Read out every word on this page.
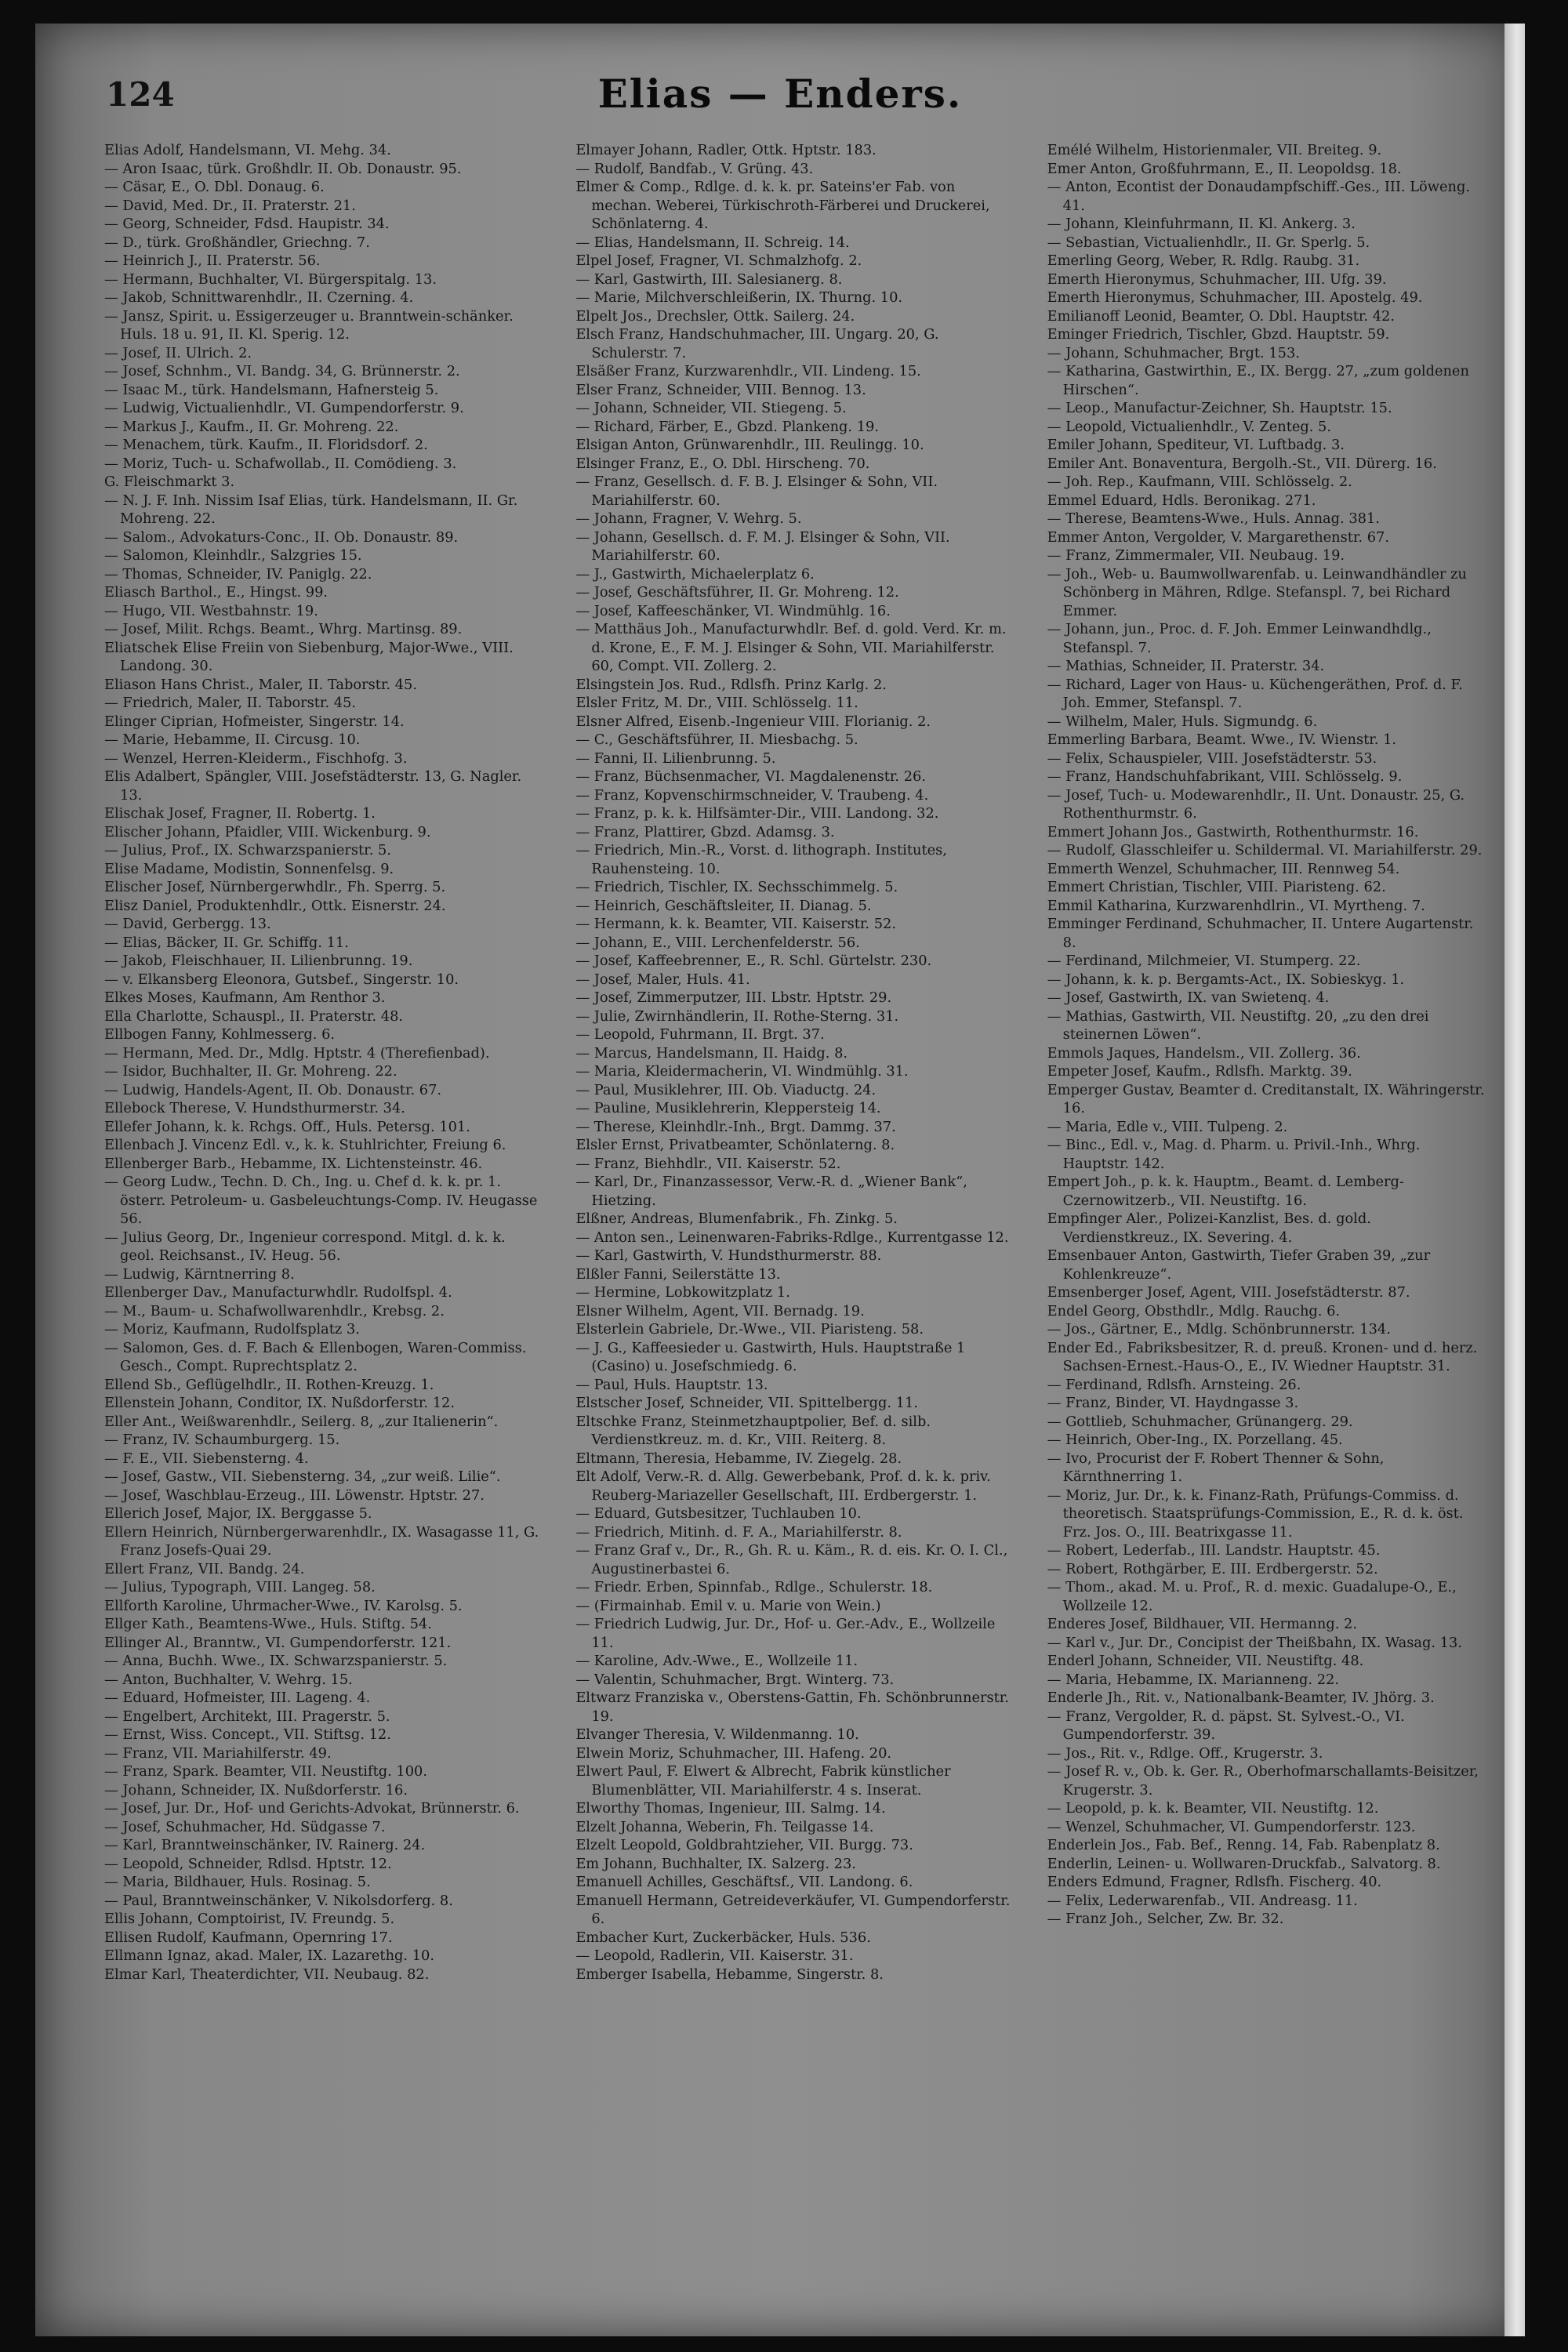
124	Elias — Enders.
Elias Adolf, Handelsmann, VI. Mehg. 34.
— Aron Isaac, türk. Großhdlr. II. Ob. Donaustr. 95.
— Cäsar, E., O. Dbl. Donaug. 6.
— David, Med. Dr., II. Praterstr. 21.
— Georg, Schneider, Fdsd. Haupistr. 34.
— D., türk. Großhändler, Griechng. 7.
— Heinrich J., II. Praterstr. 56.
— Hermann, Buchhalter, VI. Bürgerspitalg. 13.
— Jakob, Schnittwarenhdlr., II. Czerning. 4.
— Jansz, Spirit. u. Essigerzeuger u. Branntwein-schänker. Huls. 18 u. 91, II. Kl. Sperig. 12.
— Josef, II. Ulrich. 2.
— Josef, Schnhm., VI. Bandg. 34, G. Brünnerstr. 2.
— Isaac M., türk. Handelsmann, Hafnersteig 5.
— Ludwig, Victualienhdlr., VI. Gumpendorferstr. 9.
— Markus J., Kaufm., II. Gr. Mohreng. 22.
— Menachem, türk. Kaufm., II. Floridsdorf. 2.
— Moriz, Tuch- u. Schafwollab., II. Comödieng. 3.
G. Fleischmarkt 3.
— N. J. F. Inh. Nissim Isaf Elias, türk. Handelsmann, II. Gr. Mohreng. 22.
— Salom., Advokaturs-Conc., II. Ob. Donaustr. 89.
— Salomon, Kleinhdlr., Salzgries 15.
— Thomas, Schneider, IV. Paniglg. 22.
Eliasch Barthol., E., Hingst. 99.
— Hugo, VII. Westbahnstr. 19.
— Josef, Milit. Rchgs. Beamt., Whrg. Martinsg. 89.
Eliatschek Elise Freiin von Siebenburg, Major-Wwe., VIII. Landong. 30.
Eliason Hans Christ., Maler, II. Taborstr. 45.
— Friedrich, Maler, II. Taborstr. 45.
Elinger Ciprian, Hofmeister, Singerstr. 14.
— Marie, Hebamme, II. Circusg. 10.
— Wenzel, Herren-Kleiderm., Fischhofg. 3.
Elis Adalbert, Spängler, VIII. Josefstädterstr. 13, G. Nagler. 13.
Elischak Josef, Fragner, II. Robertg. 1.
Elischer Johann, Pfaidler, VIII. Wickenburg. 9.
— Julius, Prof., IX. Schwarzspanierstr. 5.
Elise Madame, Modistin, Sonnenfelsg. 9.
Elischer Josef, Nürnbergerwhdlr., Fh. Sperrg. 5.
Elisz Daniel, Produktenhdlr., Ottk. Eisnerstr. 24.
— David, Gerbergg. 13.
— Elias, Bäcker, II. Gr. Schiffg. 11.
— Jakob, Fleischhauer, II. Lilienbrunng. 19.
— v. Elkansberg Eleonora, Gutsbef., Singerstr. 10.
Elkes Moses, Kaufmann, Am Renthor 3.
Ella Charlotte, Schauspl., II. Praterstr. 48.
Ellbogen Fanny, Kohlmesserg. 6.
— Hermann, Med. Dr., Mdlg. Hptstr. 4 (Therefienbad).
— Isidor, Buchhalter, II. Gr. Mohreng. 22.
— Ludwig, Handels-Agent, II. Ob. Donaustr. 67.
Ellebock Therese, V. Hundsthurmerstr. 34.
Ellefer Johann, k. k. Rchgs. Off., Huls. Petersg. 101.
Ellenbach J. Vincenz Edl. v., k. k. Stuhlrichter, Freiung 6.
Ellenberger Barb., Hebamme, IX. Lichtensteinstr. 46.
— Georg Ludw., Techn. D. Ch., Ing. u. Chef d. k. k. pr. 1. österr. Petroleum- u. Gasbeleuchtungs-Comp. IV. Heugasse 56.
— Julius Georg, Dr., Ingenieur correspond. Mitgl. d. k. k. geol. Reichsanst., IV. Heug. 56.
— Ludwig, Kärntnerring 8.
Ellenberger Dav., Manufacturwhdlr. Rudolfspl. 4.
— M., Baum- u. Schafwollwarenhdlr., Krebsg. 2.
— Moriz, Kaufmann, Rudolfsplatz 3.
— Salomon, Ges. d. F. Bach & Ellenbogen, Waren-Commiss. Gesch., Compt. Ruprechtsplatz 2.
Ellend Sb., Geflügelhdlr., II. Rothen-Kreuzg. 1.
Ellenstein Johann, Conditor, IX. Nußdorferstr. 12.
Eller Ant., Weißwarenhdlr., Seilerg. 8, „zur Italienerin“.
— Franz, IV. Schaumburgerg. 15.
— F. E., VII. Siebensterng. 4.
— Josef, Gastw., VII. Siebensterng. 34, „zur weiß. Lilie“.
— Josef, Waschblau-Erzeug., III. Löwenstr. Hptstr. 27.
Ellerich Josef, Major, IX. Berggasse 5.
Ellern Heinrich, Nürnbergerwarenhdlr., IX. Wasagasse 11, G. Franz Josefs-Quai 29.
Ellert Franz, VII. Bandg. 24.
— Julius, Typograph, VIII. Langeg. 58.
Ellforth Karoline, Uhrmacher-Wwe., IV. Karolsg. 5.
Ellger Kath., Beamtens-Wwe., Huls. Stiftg. 54.
Ellinger Al., Branntw., VI. Gumpendorferstr. 121.
— Anna, Buchh. Wwe., IX. Schwarzspanierstr. 5.
— Anton, Buchhalter, V. Wehrg. 15.
— Eduard, Hofmeister, III. Lageng. 4.
— Engelbert, Architekt, III. Pragerstr. 5.
— Ernst, Wiss. Concept., VII. Stiftsg. 12.
— Franz, VII. Mariahilferstr. 49.
— Franz, Spark. Beamter, VII. Neustiftg. 100.
— Johann, Schneider, IX. Nußdorferstr. 16.
— Josef, Jur. Dr., Hof- und Gerichts-Advokat, Brünnerstr. 6.
— Josef, Schuhmacher, Hd. Südgasse 7.
— Karl, Branntweinschänker, IV. Rainerg. 24.
— Leopold, Schneider, Rdlsd. Hptstr. 12.
— Maria, Bildhauer, Huls. Rosinag. 5.
— Paul, Branntweinschänker, V. Nikolsdorferg. 8.
Ellis Johann, Comptoirist, IV. Freundg. 5.
Ellisen Rudolf, Kaufmann, Opernring 17.
Ellmann Ignaz, akad. Maler, IX. Lazarethg. 10.
Elmar Karl, Theaterdichter, VII. Neubaug. 82.
Elmayer Johann, Radler, Ottk. Hptstr. 183.
— Rudolf, Bandfab., V. Grüng. 43.
Elmer & Comp., Rdlge. d. k. k. pr. Sateins'er Fab. von mechan. Weberei, Türkischroth-Färberei und Druckerei, Schönlaterng. 4.
— Elias, Handelsmann, II. Schreig. 14.
Elpel Josef, Fragner, VI. Schmalzhofg. 2.
— Karl, Gastwirth, III. Salesianerg. 8.
— Marie, Milchverschleißerin, IX. Thurng. 10.
Elpelt Jos., Drechsler, Ottk. Sailerg. 24.
Elsch Franz, Handschuhmacher, III. Ungarg. 20, G. Schulerstr. 7.
Elsäßer Franz, Kurzwarenhdlr., VII. Lindeng. 15.
Elser Franz, Schneider, VIII. Bennog. 13.
— Johann, Schneider, VII. Stiegeng. 5.
— Richard, Färber, E., Gbzd. Plankeng. 19.
Elsigan Anton, Grünwarenhdlr., III. Reulingg. 10.
Elsinger Franz, E., O. Dbl. Hirscheng. 70.
— Franz, Gesellsch. d. F. B. J. Elsinger & Sohn, VII. Mariahilferstr. 60.
— Johann, Fragner, V. Wehrg. 5.
— Johann, Gesellsch. d. F. M. J. Elsinger & Sohn, VII. Mariahilferstr. 60.
— J., Gastwirth, Michaelerplatz 6.
— Josef, Geschäftsführer, II. Gr. Mohreng. 12.
— Josef, Kaffeeschänker, VI. Windmühlg. 16.
— Matthäus Joh., Manufacturwhdlr. Bef. d. gold. Verd. Kr. m. d. Krone, E., F. M. J. Elsinger & Sohn, VII. Mariahilferstr. 60, Compt. VII. Zollerg. 2.
Elsingstein Jos. Rud., Rdlsfh. Prinz Karlg. 2.
Elsler Fritz, M. Dr., VIII. Schlösselg. 11.
Elsner Alfred, Eisenb.-Ingenieur VIII. Florianig. 2.
— C., Geschäftsführer, II. Miesbachg. 5.
— Fanni, II. Lilienbrunng. 5.
— Franz, Büchsenmacher, VI. Magdalenenstr. 26.
— Franz, Kopvenschirmschneider, V. Traubeng. 4.
— Franz, p. k. k. Hilfsämter-Dir., VIII. Landong. 32.
— Franz, Plattirer, Gbzd. Adamsg. 3.
— Friedrich, Min.-R., Vorst. d. lithograph. Institutes, Rauhensteing. 10.
— Friedrich, Tischler, IX. Sechsschimmelg. 5.
— Heinrich, Geschäftsleiter, II. Dianag. 5.
— Hermann, k. k. Beamter, VII. Kaiserstr. 52.
— Johann, E., VIII. Lerchenfelderstr. 56.
— Josef, Kaffeebrenner, E., R. Schl. Gürtelstr. 230.
— Josef, Maler, Huls. 41.
— Josef, Zimmerputzer, III. Lbstr. Hptstr. 29.
— Julie, Zwirnhändlerin, II. Rothe-Sterng. 31.
— Leopold, Fuhrmann, II. Brgt. 37.
— Marcus, Handelsmann, II. Haidg. 8.
— Maria, Kleidermacherin, VI. Windmühlg. 31.
— Paul, Musiklehrer, III. Ob. Viaductg. 24.
— Pauline, Musiklehrerin, Kleppersteig 14.
— Therese, Kleinhdlr.-Inh., Brgt. Dammg. 37.
Elsler Ernst, Privatbeamter, Schönlaterng. 8.
— Franz, Biehhdlr., VII. Kaiserstr. 52.
— Karl, Dr., Finanzassessor, Verw.-R. d. „Wiener Bank“, Hietzing.
Elßner, Andreas, Blumenfabrik., Fh. Zinkg. 5.
— Anton sen., Leinenwaren-Fabriks-Rdlge., Kurrentgasse 12.
— Karl, Gastwirth, V. Hundsthurmerstr. 88.
Elßler Fanni, Seilerstätte 13.
— Hermine, Lobkowitzplatz 1.
Elsner Wilhelm, Agent, VII. Bernadg. 19.
Elsterlein Gabriele, Dr.-Wwe., VII. Piaristeng. 58.
— J. G., Kaffeesieder u. Gastwirth, Huls. Hauptstraße 1 (Casino) u. Josefschmiedg. 6.
— Paul, Huls. Hauptstr. 13.
Elstscher Josef, Schneider, VII. Spittelbergg. 11.
Eltschke Franz, Steinmetzhauptpolier, Bef. d. silb. Verdienstkreuz. m. d. Kr., VIII. Reiterg. 8.
Eltmann, Theresia, Hebamme, IV. Ziegelg. 28.
Elt Adolf, Verw.-R. d. Allg. Gewerbebank, Prof. d. k. k. priv. Reuberg-Mariazeller Gesellschaft, III. Erdbergerstr. 1.
— Eduard, Gutsbesitzer, Tuchlauben 10.
— Friedrich, Mitinh. d. F. A., Mariahilferstr. 8.
— Franz Graf v., Dr., R., Gh. R. u. Käm., R. d. eis. Kr. O. I. Cl., Augustinerbastei 6.
— Friedr. Erben, Spinnfab., Rdlge., Schulerstr. 18.
— (Firmainhab. Emil v. u. Marie von Wein.)
— Friedrich Ludwig, Jur. Dr., Hof- u. Ger.-Adv., E., Wollzeile 11.
— Karoline, Adv.-Wwe., E., Wollzeile 11.
— Valentin, Schuhmacher, Brgt. Winterg. 73.
Eltwarz Franziska v., Oberstens-Gattin, Fh. Schönbrunnerstr. 19.
Elvanger Theresia, V. Wildenmanng. 10.
Elwein Moriz, Schuhmacher, III. Hafeng. 20.
Elwert Paul, F. Elwert & Albrecht, Fabrik künstlicher Blumenblätter, VII. Mariahilferstr. 4 s. Inserat.
Elworthy Thomas, Ingenieur, III. Salmg. 14.
Elzelt Johanna, Weberin, Fh. Teilgasse 14.
Elzelt Leopold, Goldbrahtzieher, VII. Burgg. 73.
Em Johann, Buchhalter, IX. Salzerg. 23.
Emanuell Achilles, Geschäftsf., VII. Landong. 6.
Emanuell Hermann, Getreideverkäufer, VI. Gumpendorferstr. 6.
Embacher Kurt, Zuckerbäcker, Huls. 536.
— Leopold, Radlerin, VII. Kaiserstr. 31.
Emberger Isabella, Hebamme, Singerstr. 8.
Emélé Wilhelm, Historienmaler, VII. Breiteg. 9.
Emer Anton, Großfuhrmann, E., II. Leopoldsg. 18.
— Anton, Econtist der Donaudampfschiff.-Ges., III. Löweng. 41.
— Johann, Kleinfuhrmann, II. Kl. Ankerg. 3.
— Sebastian, Victualienhdlr., II. Gr. Sperlg. 5.
Emerling Georg, Weber, R. Rdlg. Raubg. 31.
Emerth Hieronymus, Schuhmacher, III. Ufg. 39.
Emerth Hieronymus, Schuhmacher, III. Apostelg. 49.
Emilianoff Leonid, Beamter, O. Dbl. Hauptstr. 42.
Eminger Friedrich, Tischler, Gbzd. Hauptstr. 59.
— Johann, Schuhmacher, Brgt. 153.
— Katharina, Gastwirthin, E., IX. Bergg. 27, „zum goldenen Hirschen“.
— Leop., Manufactur-Zeichner, Sh. Hauptstr. 15.
— Leopold, Victualienhdlr., V. Zenteg. 5.
Emiler Johann, Spediteur, VI. Luftbadg. 3.
Emiler Ant. Bonaventura, Bergolh.-St., VII. Dürerg. 16.
— Joh. Rep., Kaufmann, VIII. Schlösselg. 2.
Emmel Eduard, Hdls. Beronikag. 271.
— Therese, Beamtens-Wwe., Huls. Annag. 381.
Emmer Anton, Vergolder, V. Margarethenstr. 67.
— Franz, Zimmermaler, VII. Neubaug. 19.
— Joh., Web- u. Baumwollwarenfab. u. Leinwandhändler zu Schönberg in Mähren, Rdlge. Stefanspl. 7, bei Richard Emmer.
— Johann, jun., Proc. d. F. Joh. Emmer Leinwandhdlg., Stefanspl. 7.
— Mathias, Schneider, II. Praterstr. 34.
— Richard, Lager von Haus- u. Küchengeräthen, Prof. d. F. Joh. Emmer, Stefanspl. 7.
— Wilhelm, Maler, Huls. Sigmundg. 6.
Emmerling Barbara, Beamt. Wwe., IV. Wienstr. 1.
— Felix, Schauspieler, VIII. Josefstädterstr. 53.
— Franz, Handschuhfabrikant, VIII. Schlösselg. 9.
— Josef, Tuch- u. Modewarenhdlr., II. Unt. Donaustr. 25, G. Rothenthurmstr. 6.
Emmert Johann Jos., Gastwirth, Rothenthurmstr. 16.
— Rudolf, Glasschleifer u. Schildermal. VI. Mariahilferstr. 29.
Emmerth Wenzel, Schuhmacher, III. Rennweg 54.
Emmert Christian, Tischler, VIII. Piaristeng. 62.
Emmil Katharina, Kurzwarenhdlrin., VI. Myrtheng. 7.
Emminger Ferdinand, Schuhmacher, II. Untere Augartenstr. 8.
— Ferdinand, Milchmeier, VI. Stumperg. 22.
— Johann, k. k. p. Bergamts-Act., IX. Sobieskyg. 1.
— Josef, Gastwirth, IX. van Swietenq. 4.
— Mathias, Gastwirth, VII. Neustiftg. 20, „zu den drei steinernen Löwen“.
Emmols Jaques, Handelsm., VII. Zollerg. 36.
Empeter Josef, Kaufm., Rdlsfh. Marktg. 39.
Emperger Gustav, Beamter d. Creditanstalt, IX. Währingerstr. 16.
— Maria, Edle v., VIII. Tulpeng. 2.
— Binc., Edl. v., Mag. d. Pharm. u. Privil.-Inh., Whrg. Hauptstr. 142.
Empert Joh., p. k. k. Hauptm., Beamt. d. Lemberg-Czernowitzerb., VII. Neustiftg. 16.
Empfinger Aler., Polizei-Kanzlist, Bes. d. gold. Verdienstkreuz., IX. Severing. 4.
Emsenbauer Anton, Gastwirth, Tiefer Graben 39, „zur Kohlenkreuze“.
Emsenberger Josef, Agent, VIII. Josefstädterstr. 87.
Endel Georg, Obsthdlr., Mdlg. Rauchg. 6.
— Jos., Gärtner, E., Mdlg. Schönbrunnerstr. 134.
Ender Ed., Fabriksbesitzer, R. d. preuß. Kronen- und d. herz. Sachsen-Ernest.-Haus-O., E., IV. Wiedner Hauptstr. 31.
— Ferdinand, Rdlsfh. Arnsteing. 26.
— Franz, Binder, VI. Haydngasse 3.
— Gottlieb, Schuhmacher, Grünangerg. 29.
— Heinrich, Ober-Ing., IX. Porzellang. 45.
— Ivo, Procurist der F. Robert Thenner & Sohn, Kärnthnerring 1.
— Moriz, Jur. Dr., k. k. Finanz-Rath, Prüfungs-Commiss. d. theoretisch. Staatsprüfungs-Commission, E., R. d. k. öst. Frz. Jos. O., III. Beatrixgasse 11.
— Robert, Lederfab., III. Landstr. Hauptstr. 45.
— Robert, Rothgärber, E. III. Erdbergerstr. 52.
— Thom., akad. M. u. Prof., R. d. mexic. Guadalupe-O., E., Wollzeile 12.
Enderes Josef, Bildhauer, VII. Hermanng. 2.
— Karl v., Jur. Dr., Concipist der Theißbahn, IX. Wasag. 13.
Enderl Johann, Schneider, VII. Neustiftg. 48.
— Maria, Hebamme, IX. Marianneng. 22.
Enderle Jh., Rit. v., Nationalbank-Beamter, IV. Jhörg. 3.
— Franz, Vergolder, R. d. päpst. St. Sylvest.-O., VI. Gumpendorferstr. 39.
— Jos., Rit. v., Rdlge. Off., Krugerstr. 3.
— Josef R. v., Ob. k. Ger. R., Oberhofmarschallamts-Beisitzer, Krugerstr. 3.
— Leopold, p. k. k. Beamter, VII. Neustiftg. 12.
— Wenzel, Schuhmacher, VI. Gumpendorferstr. 123.
Enderlein Jos., Fab. Bef., Renng. 14, Fab. Rabenplatz 8.
Enderlin, Leinen- u. Wollwaren-Druckfab., Salvatorg. 8.
Enders Edmund, Fragner, Rdlsfh. Fischerg. 40.
— Felix, Lederwarenfab., VII. Andreasg. 11.
— Franz Joh., Selcher, Zw. Br. 32.
